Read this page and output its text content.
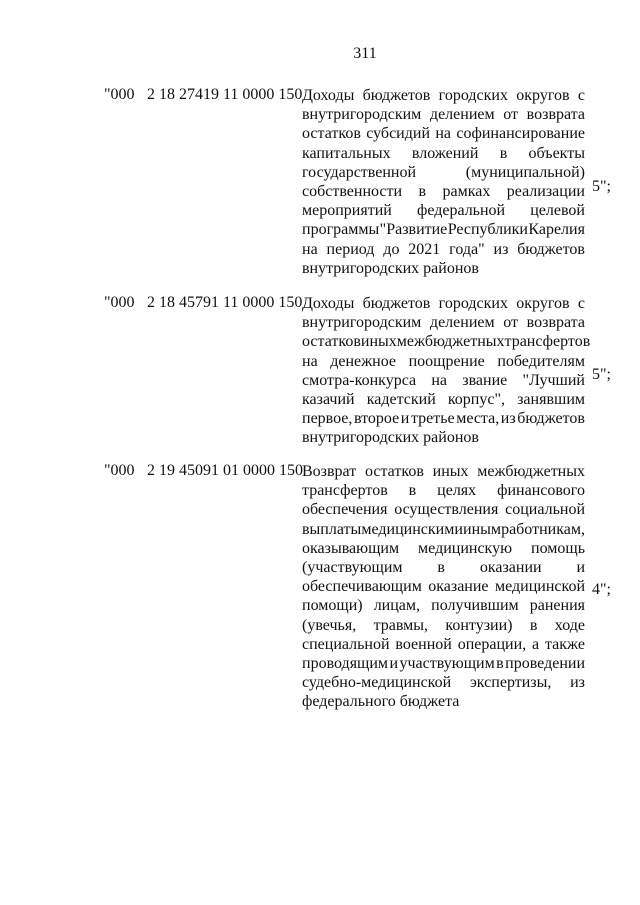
311
"000 2 18 27419 11 0000 150 Доходы бюджетов городских округов с
внутригородским делением от возврата
остатков субсидий на софинансирование
капитальных вложений в объекты
государственной	(муниципальной)
собственности в рамках реализации
мероприятий федеральной целевой
программы "Развитие Республики Карелия
на период до 2021 года" из бюджетов
внутригородских районов
5";
"000 2 18 45791 11 0000 150 Доходы бюджетов городских округов с
внутригородским делением от возврата
остатков иных межбюджетных трансфертов
на денежное поощрение победителям
смотра-конкурса на звание "Лучший
казачий кадетский корпус", занявшим
первое, второе и третье места, из бюджетов
внутригородских районов
5";
"000 2 19 45091 01 0000 150 Возврат остатков иных межбюджетных
трансфертов в целях финансового
обеспечения осуществления социальной
выплаты медицинским и иным работникам,
оказывающим медицинскую помощь
(участвующим в оказании и
обеспечивающим оказание медицинской
помощи) лицам, получившим ранения
(увечья, травмы, контузии) в ходе
специальной военной операции, а также
проводящим и участвующим в проведении
судебно-медицинской экспертизы, из
федерального бюджета
4";
